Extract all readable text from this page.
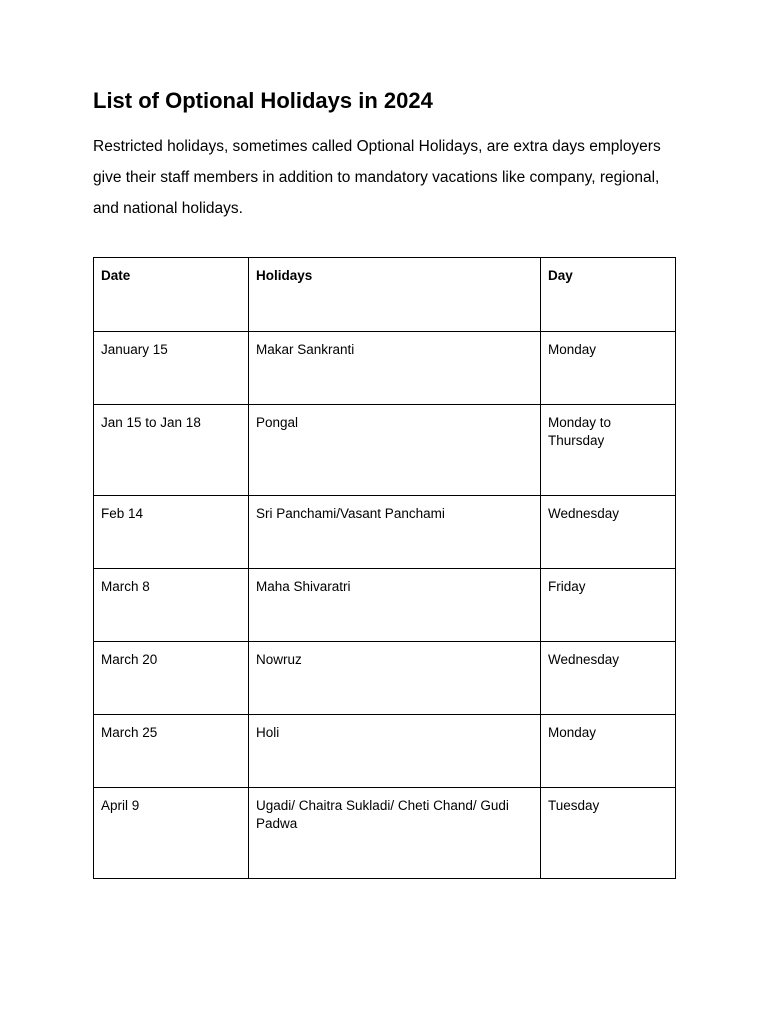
List of Optional Holidays in 2024

Restricted holidays, sometimes called Optional Holidays, are extra days employers give their staff members in addition to mandatory vacations like company, regional, and national holidays.

Date	Holidays	Day
January 15	Makar Sankranti	Monday
Jan 15 to Jan 18	Pongal	Monday to Thursday
Feb 14	Sri Panchami/Vasant Panchami	Wednesday
March 8	Maha Shivaratri	Friday
March 20	Nowruz	Wednesday
March 25	Holi	Monday
April 9	Ugadi/ Chaitra Sukladi/ Cheti Chand/ Gudi Padwa	Tuesday
